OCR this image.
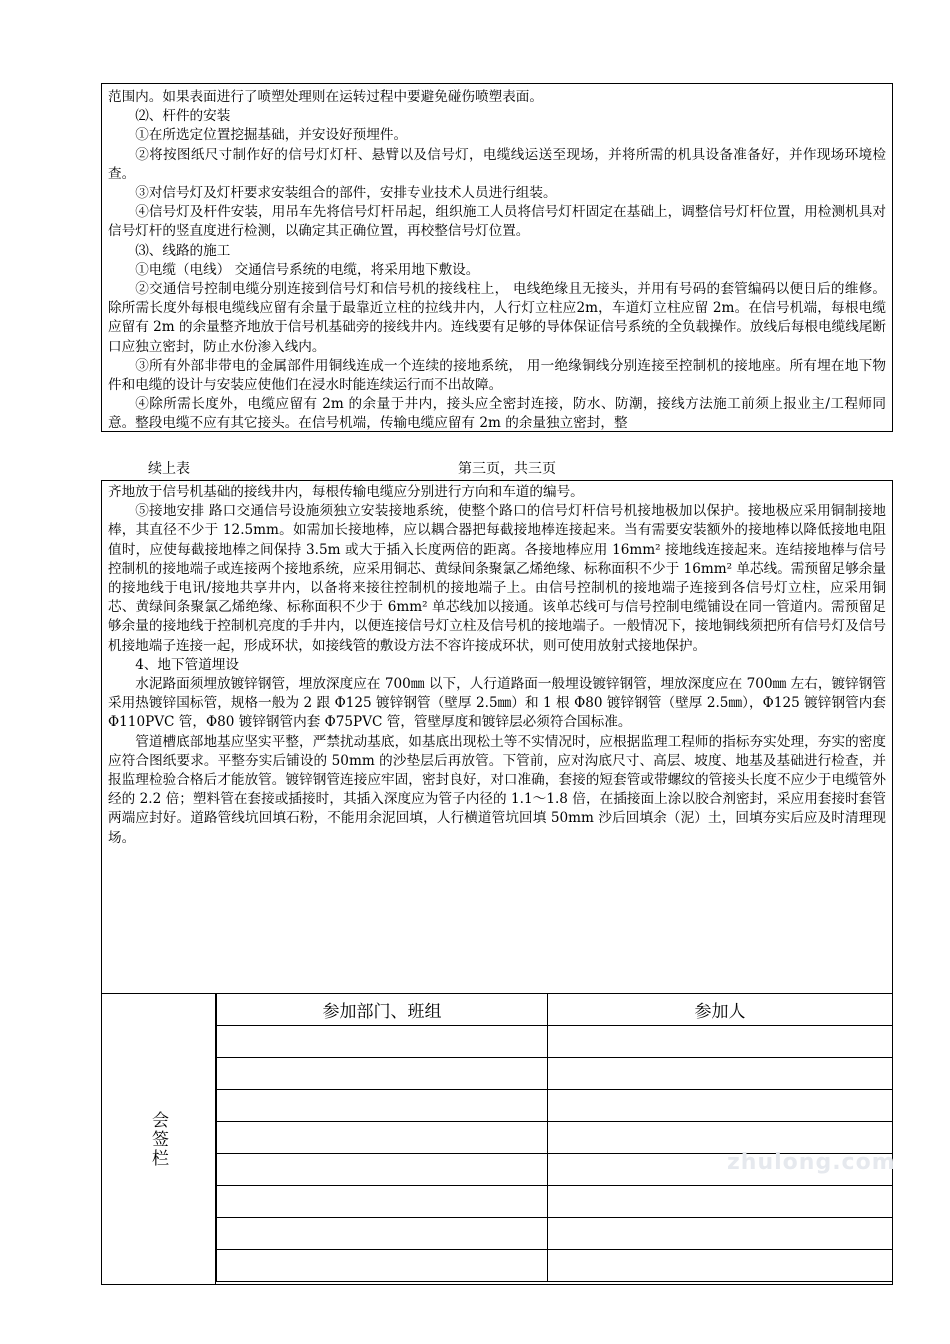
范围内。如果表面进行了喷塑处理则在运转过程中要避免碰伤喷塑表面。

⑵、杆件的安装

①在所选定位置挖掘基础，并安设好预埋件。

②将按图纸尺寸制作好的信号灯灯杆、悬臂以及信号灯，电缆线运送至现场，并将所需的机具设备准备好，并作现场环境检查。

③对信号灯及灯杆要求安装组合的部件，安排专业技术人员进行组装。

④信号灯及杆件安装，用吊车先将信号灯杆吊起，组织施工人员将信号灯杆固定在基础上，调整信号灯杆位置，用检测机具对信号灯杆的竖直度进行检测，以确定其正确位置，再校整信号灯位置。

⑶、线路的施工

①电缆（电线） 交通信号系统的电缆，将采用地下敷设。

②交通信号控制电缆分别连接到信号灯和信号机的接线柱上， 电线绝缘且无接头，并用有号码的套管编码以便日后的维修。除所需长度外每根电缆线应留有余量于最靠近立柱的拉线井内，人行灯立柱应2m，车道灯立柱应留 2m。在信号机端，每根电缆应留有 2m 的余量整齐地放于信号机基础旁的接线井内。连线要有足够的导体保证信号系统的全负载操作。放线后每根电缆线尾断口应独立密封，防止水份渗入线内。

③所有外部非带电的金属部件用铜线连成一个连续的接地系统， 用一绝缘铜线分别连接至控制机的接地座。所有埋在地下物件和电缆的设计与安装应使他们在浸水时能连续运行而不出故障。

④除所需长度外，电缆应留有 2m 的余量于井内，接头应全密封连接，防水、防潮，接线方法施工前须上报业主/工程师同意。整段电缆不应有其它接头。在信号机端，传输电缆应留有 2m 的余量独立密封，整

续上表	第三页，共三页

齐地放于信号机基础的接线井内，每根传输电缆应分别进行方向和车道的编号。

⑤接地安排 路口交通信号设施须独立安装接地系统，使整个路口的信号灯杆信号机接地极加以保护。接地极应采用铜制接地棒，其直径不少于 12.5mm。如需加长接地棒，应以耦合器把每截接地棒连接起来。当有需要安装额外的接地棒以降低接地电阻值时，应使每截接地棒之间保持 3.5m 或大于插入长度两倍的距离。各接地棒应用 16mm² 接地线连接起来。连结接地棒与信号控制机的接地端子或连接两个接地系统，应采用铜芯、黄绿间条聚氯乙烯绝缘、标称面积不少于 16mm² 单芯线。需预留足够余量的接地线于电讯/接地共享井内，以备将来接往控制机的接地端子上。由信号控制机的接地端子连接到各信号灯立柱，应采用铜芯、黄绿间条聚氯乙烯绝缘、标称面积不少于 6mm² 单芯线加以接通。该单芯线可与信号控制电缆铺设在同一管道内。需预留足够余量的接地线于控制机亮度的手井内，以便连接信号灯立柱及信号机的接地端子。一般情况下，接地铜线须把所有信号灯及信号机接地端子连接一起，形成环状，如接线管的敷设方法不容许接成环状，则可使用放射式接地保护。

4、地下管道埋设

水泥路面须埋放镀锌钢管，埋放深度应在 700㎜ 以下，人行道路面一般埋设镀锌钢管，埋放深度应在 700㎜ 左右，镀锌钢管采用热镀锌国标管，规格一般为 2 跟 Φ125 镀锌钢管（壁厚 2.5㎜）和 1 根 Φ80 镀锌钢管（壁厚 2.5㎜），Φ125 镀锌钢管内套 Φ110PVC 管，Φ80 镀锌钢管内套 Φ75PVC 管，管壁厚度和镀锌层必须符合国标准。

管道槽底部地基应坚实平整，严禁扰动基底，如基底出现松土等不实情况时，应根据监理工程师的指标夯实处理，夯实的密度应符合图纸要求。平整夯实后铺设的 50mm 的沙垫层后再放管。下管前，应对沟底尺寸、高层、坡度、地基及基础进行检查，并报监理检验合格后才能放管。镀锌钢管连接应牢固，密封良好，对口准确，套接的短套管或带螺纹的管接头长度不应少于电缆管外经的 2.2 倍；塑料管在套接或插接时，其插入深度应为管子内径的 1.1～1.8 倍，在插接面上涂以胶合剂密封，采应用套接时套管两端应封好。道路管线坑回填石粉，不能用余泥回填，人行横道管坑回填 50mm 沙后回填余（泥）土，回填夯实后应及时清理现场。

会签栏
参加部门、班组	参加人

zhulong.com
